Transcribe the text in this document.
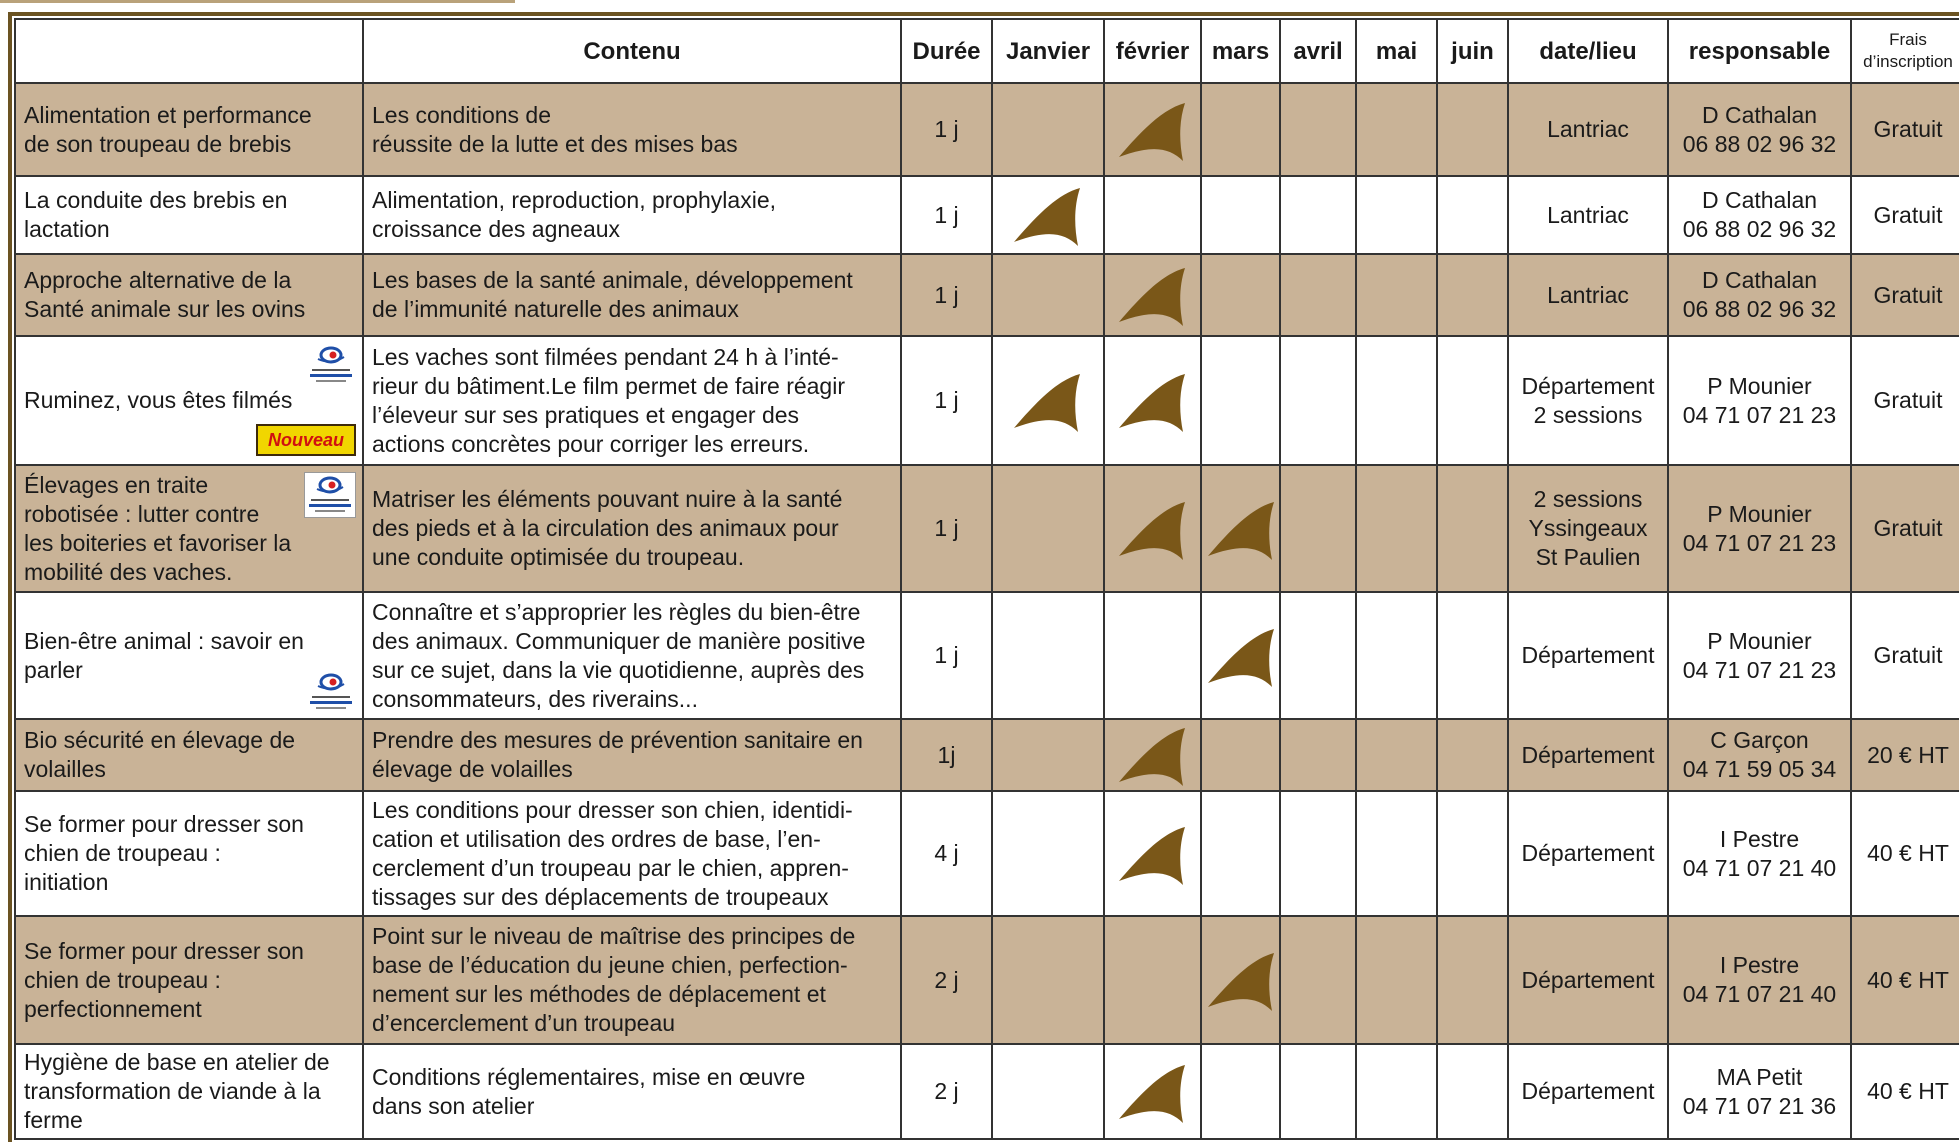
	Contenu	Durée	Janvier	février	mars	avril	mai	juin	date/lieu	responsable	Frais
d’inscription
Alimentation et performance
de son troupeau de brebis	Les conditions de
réussite de la lutte et des mises bas	1 j							Lantriac	D Cathalan
06 88 02 96 32	Gratuit
La conduite des brebis en
lactation	Alimentation, reproduction, prophylaxie,
croissance des agneaux	1 j							Lantriac	D Cathalan
06 88 02 96 32	Gratuit
Approche alternative de la
Santé animale sur les ovins	Les bases de la santé animale, développement
de l’immunité naturelle des animaux	1 j							Lantriac	D Cathalan
06 88 02 96 32	Gratuit
Ruminez, vous êtes filmés
Nouveau	Les vaches sont filmées pendant 24 h à l’inté-
rieur du bâtiment.Le film permet de faire réagir
l’éleveur sur ses pratiques et engager des
actions concrètes pour corriger les erreurs.	1 j							Département
2 sessions	P Mounier
04 71 07 21 23	Gratuit
Élevages en traite
robotisée : lutter contre
les boiteries et favoriser la
mobilité des vaches.	Matriser les éléments pouvant nuire à la santé
des pieds et à la circulation des animaux pour
une conduite optimisée du troupeau.	1 j							2 sessions
Yssingeaux
St Paulien	P Mounier
04 71 07 21 23	Gratuit
Bien-être animal : savoir en
parler	Connaître et s’approprier les règles du bien-être
des animaux. Communiquer de manière positive
sur ce sujet, dans la vie quotidienne, auprès des
consommateurs, des riverains...	1 j							Département	P Mounier
04 71 07 21 23	Gratuit
Bio sécurité en élevage de
volailles	Prendre des mesures de prévention sanitaire en
élevage de volailles	1j							Département	C Garçon
04 71 59 05 34	20 € HT
Se former pour dresser son
chien de troupeau :
initiation	Les conditions pour dresser son chien, identidi-
cation et utilisation des ordres de base, l’en-
cerclement d’un troupeau par le chien, appren-
tissages sur des déplacements de troupeaux	4 j							Département	I Pestre
04 71 07 21 40	40 € HT
Se former pour dresser son
chien de troupeau :
perfectionnement	Point sur le niveau de maîtrise des principes de
base de l’éducation du jeune chien, perfection-
nement sur les méthodes de déplacement et
d’encerclement d’un troupeau	2 j							Département	I Pestre
04 71 07 21 40	40 € HT
Hygiène de base en atelier de
transformation de viande à la
ferme	Conditions réglementaires, mise en œuvre
dans son atelier	2 j							Département	MA Petit
04 71 07 21 36	40 € HT
